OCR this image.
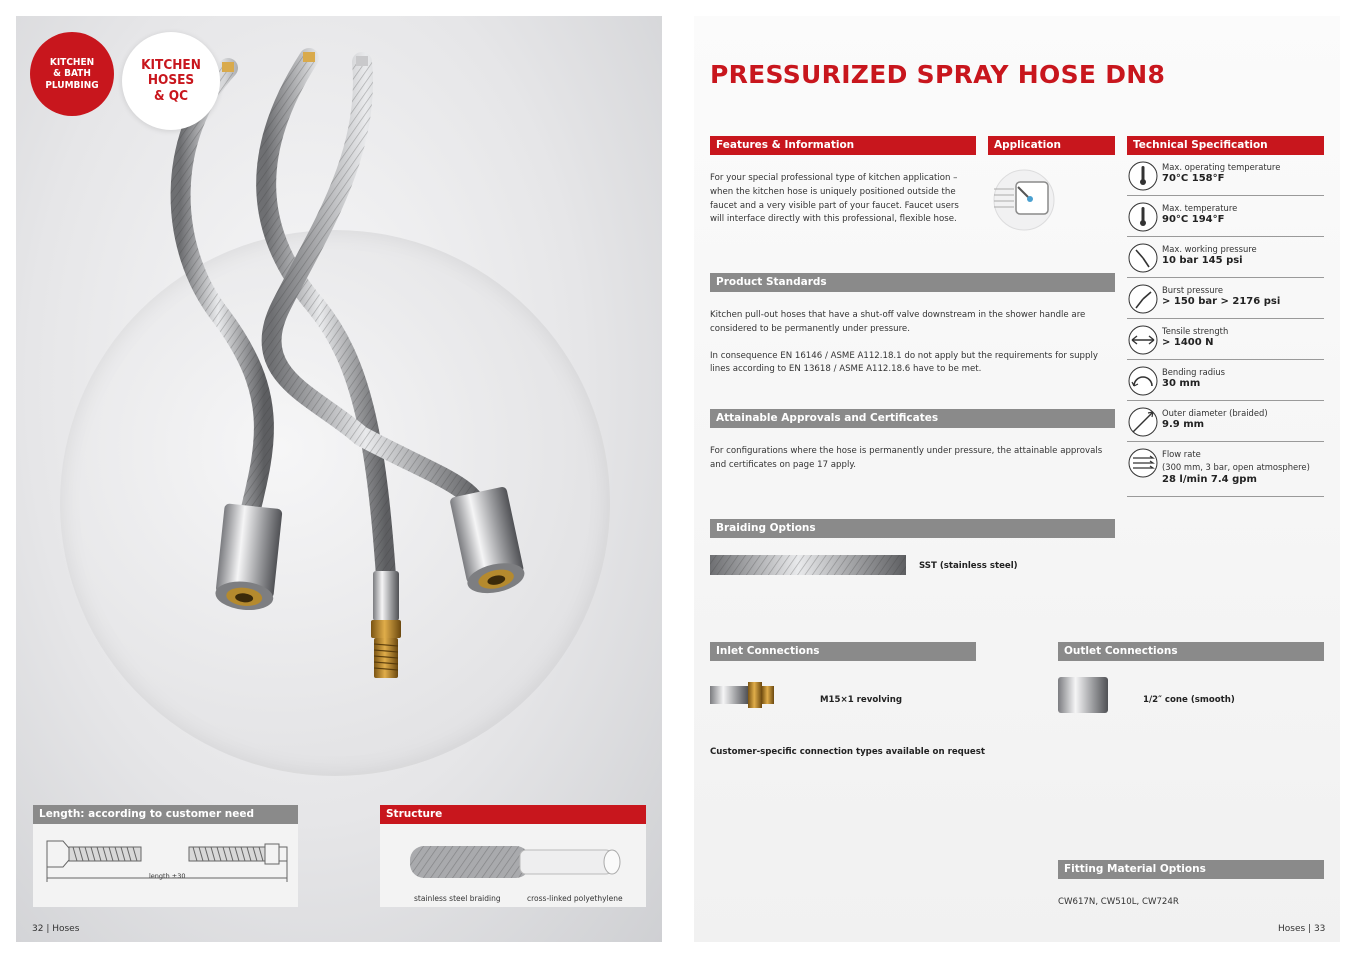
KITCHEN
& BATH
PLUMBING
KITCHEN
HOSES
& QC
Length: according to customer need
length ±30
Structure
stainless steel braiding	cross-linked polyethylene
32 | Hoses
PRESSURIZED SPRAY HOSE DN8
Features & Information
For your special professional type of kitchen application – when the kitchen hose is uniquely positioned outside the faucet and a very visible part of your faucet. Faucet users will interface directly with this professional, flexible hose.
Application
Product Standards

Kitchen pull-out hoses that have a shut-off valve downstream in the shower handle are considered to be permanently under pressure.

In consequence EN 16146 / ASME A112.18.1 do not apply but the requirements for supply lines according to EN 13618 / ASME A112.18.6 have to be met.

Attainable Approvals and Certificates
For configurations where the hose is permanently under pressure, the attainable approvals and certificates on page 17 apply.
Braiding Options
SST (stainless steel)
Inlet Connections
M15×1 revolving
Outlet Connections
1/2″ cone (smooth)
Customer-specific connection types available on request
Fitting Material Options
CW617N, CW510L, CW724R
Technical Specification
Max. operating temperature
70°C 158°F
Max. temperature
90°C 194°F
Max. working pressure
10 bar 145 psi
Burst pressure
> 150 bar > 2176 psi
Tensile strength
> 1400 N
Bending radius
30 mm
Outer diameter (braided)
9.9 mm
Flow rate
(300 mm, 3 bar, open atmosphere)
28 l/min 7.4 gpm
Hoses | 33
